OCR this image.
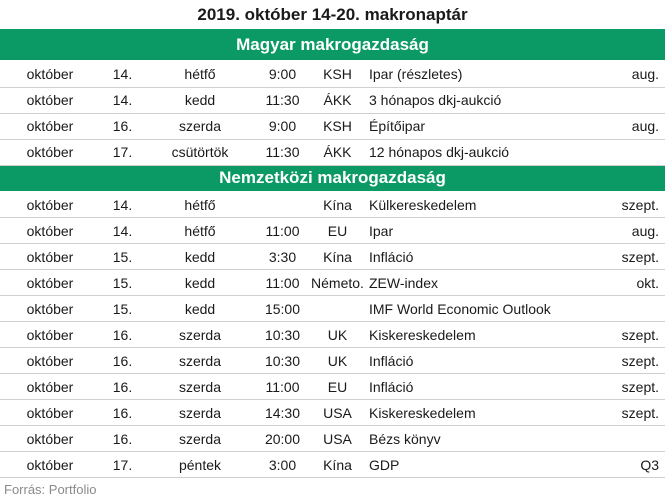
2019. október 14-20. makronaptár
Magyar makrogazdaság						
október	14.	hétfő	9:00	KSH	Ipar (részletes)	aug.
október	14.	kedd	11:30	ÁKK	3 hónapos dkj-aukció	
október	16.	szerda	9:00	KSH	Építőipar	aug.
október	17.	csütörtök	11:30	ÁKK	12 hónapos dkj-aukció	
Nemzetközi makrogazdaság						
október	14.	hétfő		Kína	Külkereskedelem	szept.
október	14.	hétfő	11:00	EU	Ipar	aug.
október	15.	kedd	3:30	Kína	Infláció	szept.
október	15.	kedd	11:00	Németo.	ZEW-index	okt.
október	15.	kedd	15:00		IMF World Economic Outlook	
október	16.	szerda	10:30	UK	Kiskereskedelem	szept.
október	16.	szerda	10:30	UK	Infláció	szept.
október	16.	szerda	11:00	EU	Infláció	szept.
október	16.	szerda	14:30	USA	Kiskereskedelem	szept.
október	16.	szerda	20:00	USA	Bézs könyv	
október	17.	péntek	3:00	Kína	GDP	Q3
Forrás: Portfolio
